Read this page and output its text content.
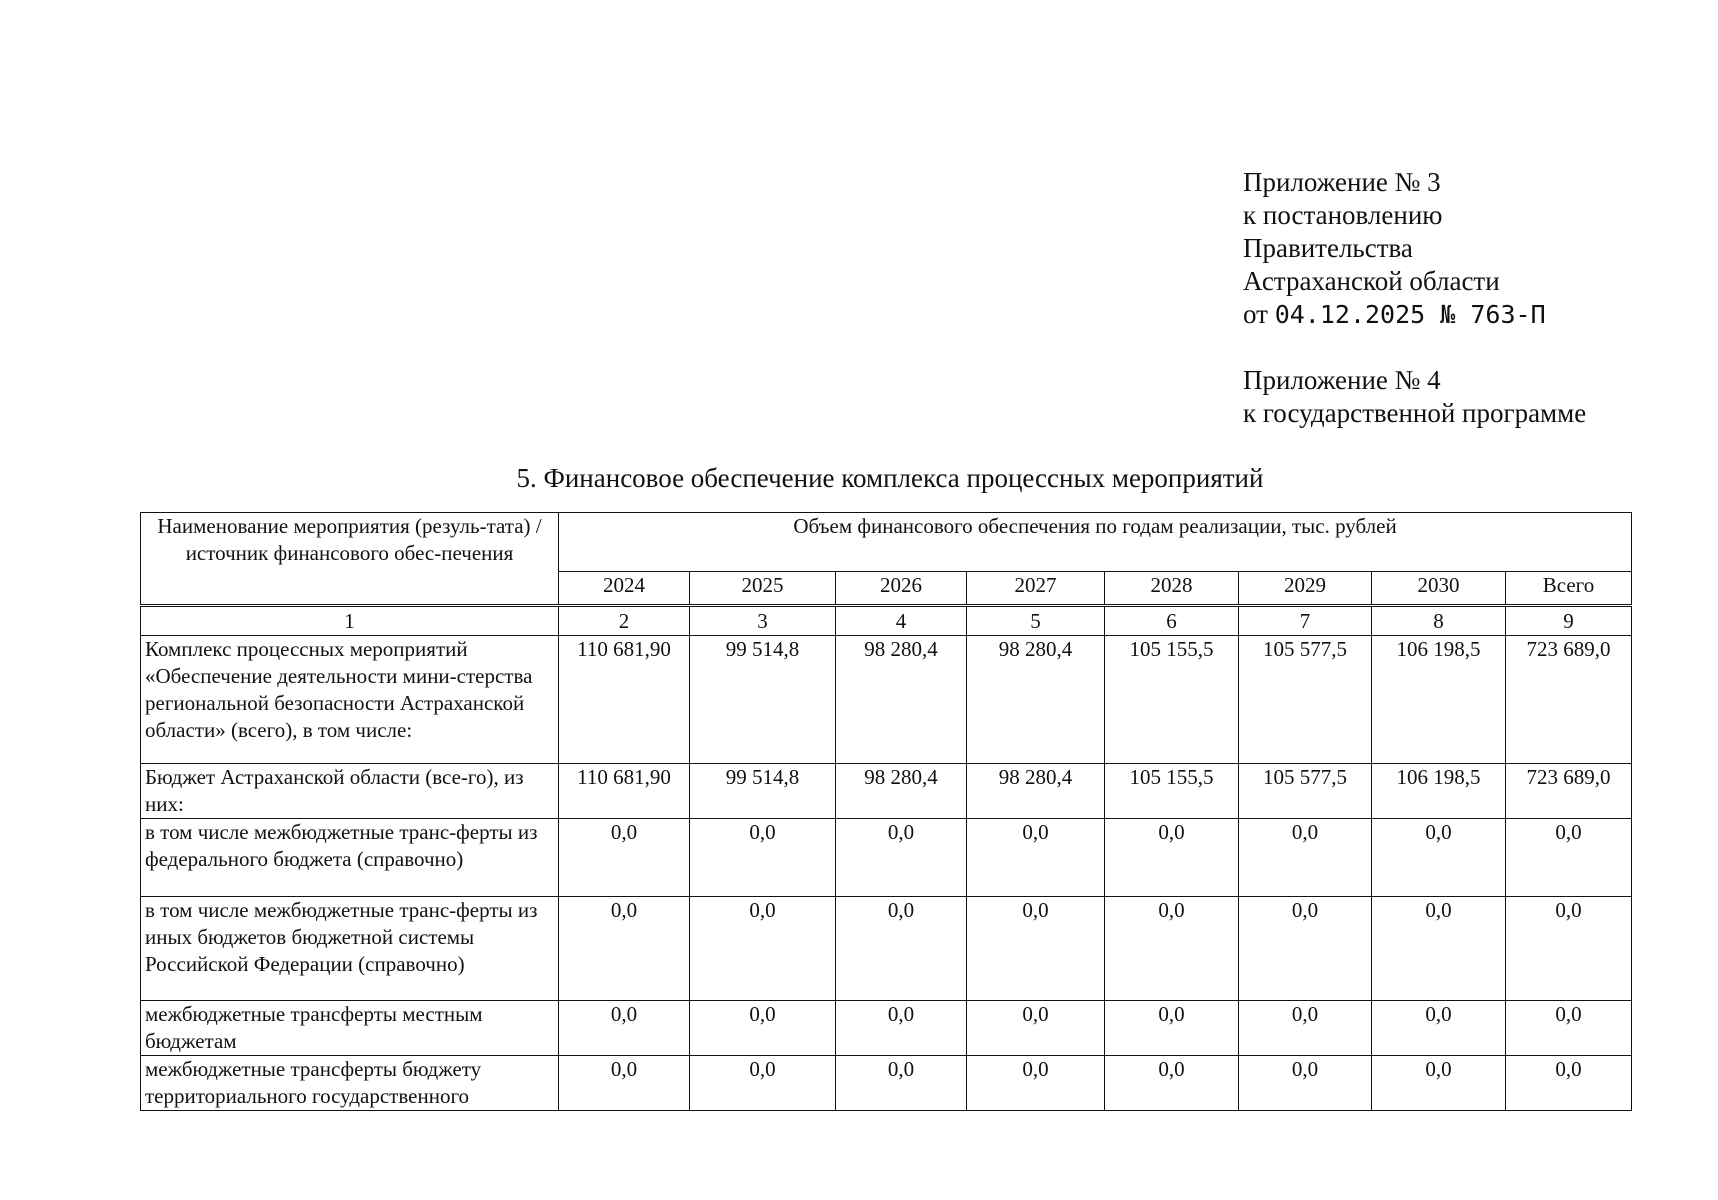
Приложение № 3
к постановлению
Правительства
Астраханской области
от 04.12.2025 № 763-П
Приложение № 4
к государственной программе
5. Финансовое обеспечение комплекса процессных мероприятий
Наименование мероприятия (резуль-тата) / источник финансового обес-печения	Объем финансового обеспечения по годам реализации, тыс. рублей							
	2024	2025	2026	2027	2028	2029	2030	Всего
1	2	3	4	5	6	7	8	9
Комплекс процессных мероприятий «Обеспечение деятельности мини-стерства региональной безопасности Астраханской области» (всего), в том числе:	110 681,90	99 514,8	98 280,4	98 280,4	105 155,5	105 577,5	106 198,5	723 689,0
Бюджет Астраханской области (все-го), из них:	110 681,90	99 514,8	98 280,4	98 280,4	105 155,5	105 577,5	106 198,5	723 689,0
в том числе межбюджетные транс-ферты из федерального бюджета (справочно)	0,0	0,0	0,0	0,0	0,0	0,0	0,0	0,0
в том числе межбюджетные транс-ферты из иных бюджетов бюджетной системы Российской Федерации (справочно)	0,0	0,0	0,0	0,0	0,0	0,0	0,0	0,0
межбюджетные трансферты местным бюджетам	0,0	0,0	0,0	0,0	0,0	0,0	0,0	0,0
межбюджетные трансферты бюджету территориального государственного	0,0	0,0	0,0	0,0	0,0	0,0	0,0	0,0
